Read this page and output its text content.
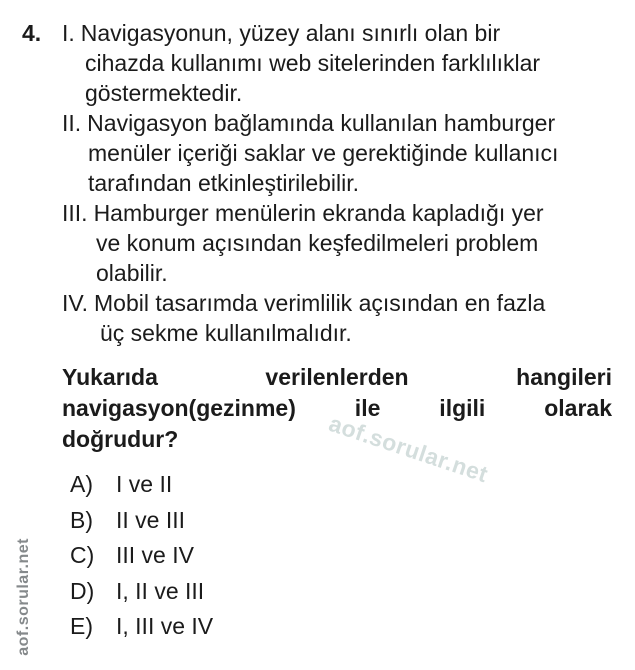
4. I. Navigasyonun, yüzey alanı sınırlı olan bir
cihazda kullanımı web sitelerinden farklılıklar
göstermektedir.
II. Navigasyon bağlamında kullanılan hamburger
menüler içeriği saklar ve gerektiğinde kullanıcı
tarafından etkinleştirilebilir.
III. Hamburger menülerin ekranda kapladığı yer
ve konum açısından keşfedilmeleri problem
olabilir.
IV. Mobil tasarımda verimlilik açısından en fazla
üç sekme kullanılmalıdır.
aof.sorular.net
Yukarıda verilenlerden hangileri
navigasyon(gezinme) ile ilgili olarak
doğrudur?
A)	I ve II
B)	II ve III
C) III ve IV
D) I, II ve III
E)	I, III ve IV
aof.sorular.net
